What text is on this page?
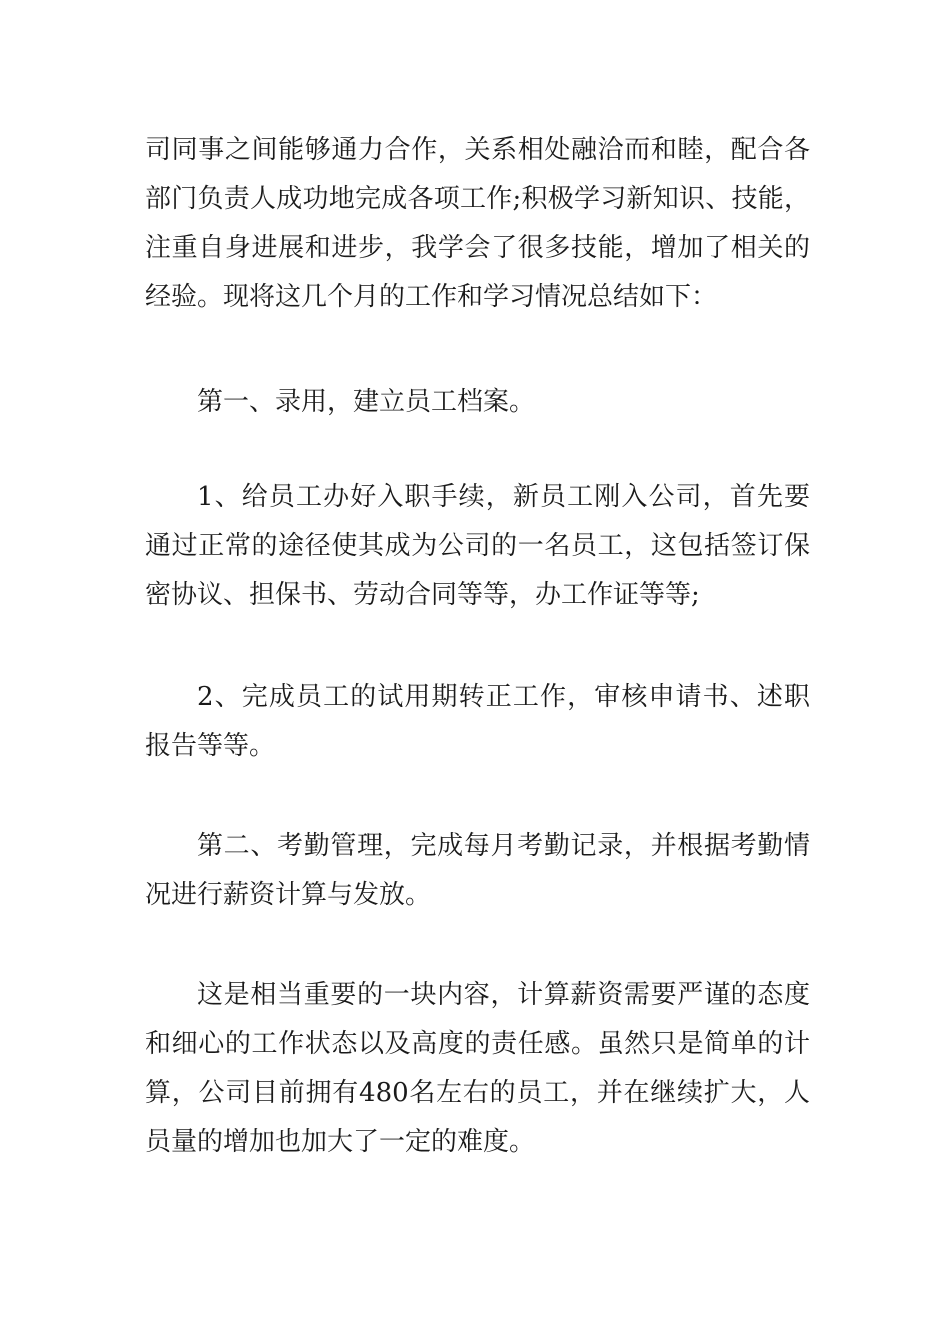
司同事之间能够通力合作，关系相处融洽而和睦，配合各部门负责人成功地完成各项工作;积极学习新知识、技能，注重自身进展和进步，我学会了很多技能，增加了相关的经验。现将这几个月的工作和学习情况总结如下：

第一、录用，建立员工档案。

1、给员工办好入职手续，新员工刚入公司，首先要通过正常的途径使其成为公司的一名员工，这包括签订保密协议、担保书、劳动合同等等，办工作证等等;

2、完成员工的试用期转正工作，审核申请书、述职报告等等。

第二、考勤管理，完成每月考勤记录，并根据考勤情况进行薪资计算与发放。

这是相当重要的一块内容，计算薪资需要严谨的态度和细心的工作状态以及高度的责任感。虽然只是简单的计算，公司目前拥有480名左右的员工，并在继续扩大，人员量的增加也加大了一定的难度。
